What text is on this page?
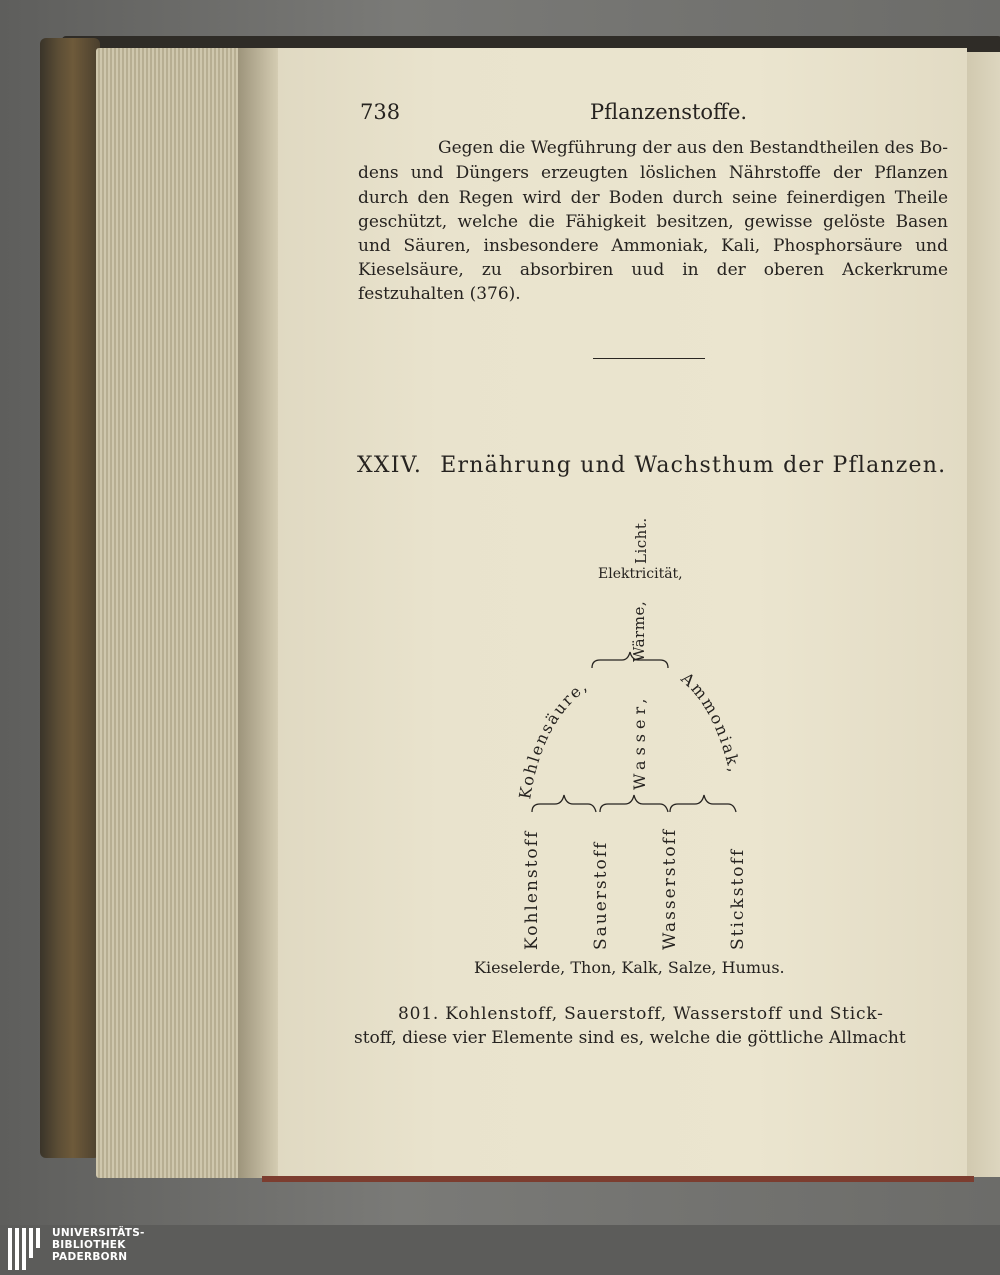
738	Pflanzenstoffe.
Gegen die Wegführung der aus den Bestandtheilen des Bo-
dens und Düngers erzeugten löslichen Nährstoffe der Pflanzen
durch den Regen wird der Boden durch seine feinerdigen Theile
geschützt, welche die Fähigkeit besitzen, gewisse gelöste Basen
und Säuren, insbesondere Ammoniak, Kali, Phosphorsäure und
Kieselsäure, zu absorbiren uud in der oberen Ackerkrume
festzuhalten (376).
XXIV. Ernährung und Wachsthum der Pflanzen.
Licht.
Elektricität,
Wärme,
Kohlensäure,	Ammoniak,
Wasser,
Kohlenstoff	Sauerstoff	Wasserstoff	Stickstoff
Kieselerde, Thon, Kalk, Salze, Humus.
801. Kohlenstoff, Sauerstoff, Wasserstoff und Stick-
stoff, diese vier Elemente sind es, welche die göttliche Allmacht
UNIVERSITÄTS-
BIBLIOTHEK
PADERBORN
